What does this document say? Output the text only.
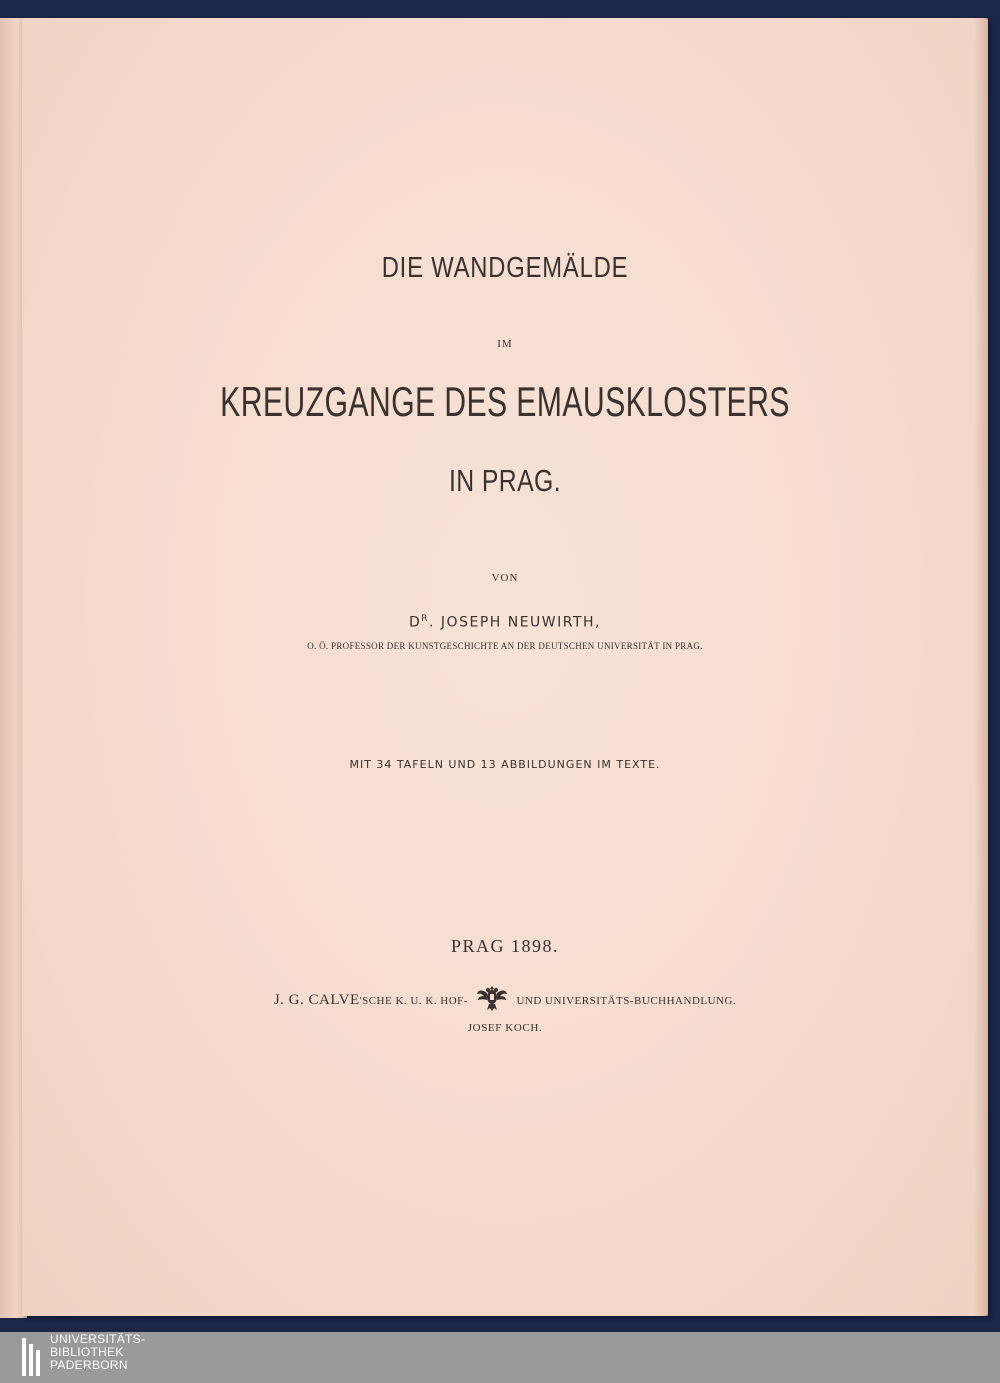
DIE WANDGEMÄLDE
IM
KREUZGANGE DES EMAUSKLOSTERS
IN PRAG.
VON
$D^R$. JOSEPH NEUWIRTH,
O. Ö. PROFESSOR DER KUNSTGESCHICHTE AN DER DEUTSCHEN UNIVERSITÄT IN PRAG.
MIT 34 TAFELN UND 13 ABBILDUNGEN IM TEXTE.
PRAG 1898.
J. G. CALVE'SCHE K. U. K. HOF-	UND UNIVERSITÄTS-BUCHHANDLUNG.
JOSEF KOCH.
UNIVERSITÄTS-
BIBLIOTHEK
PADERBORN
